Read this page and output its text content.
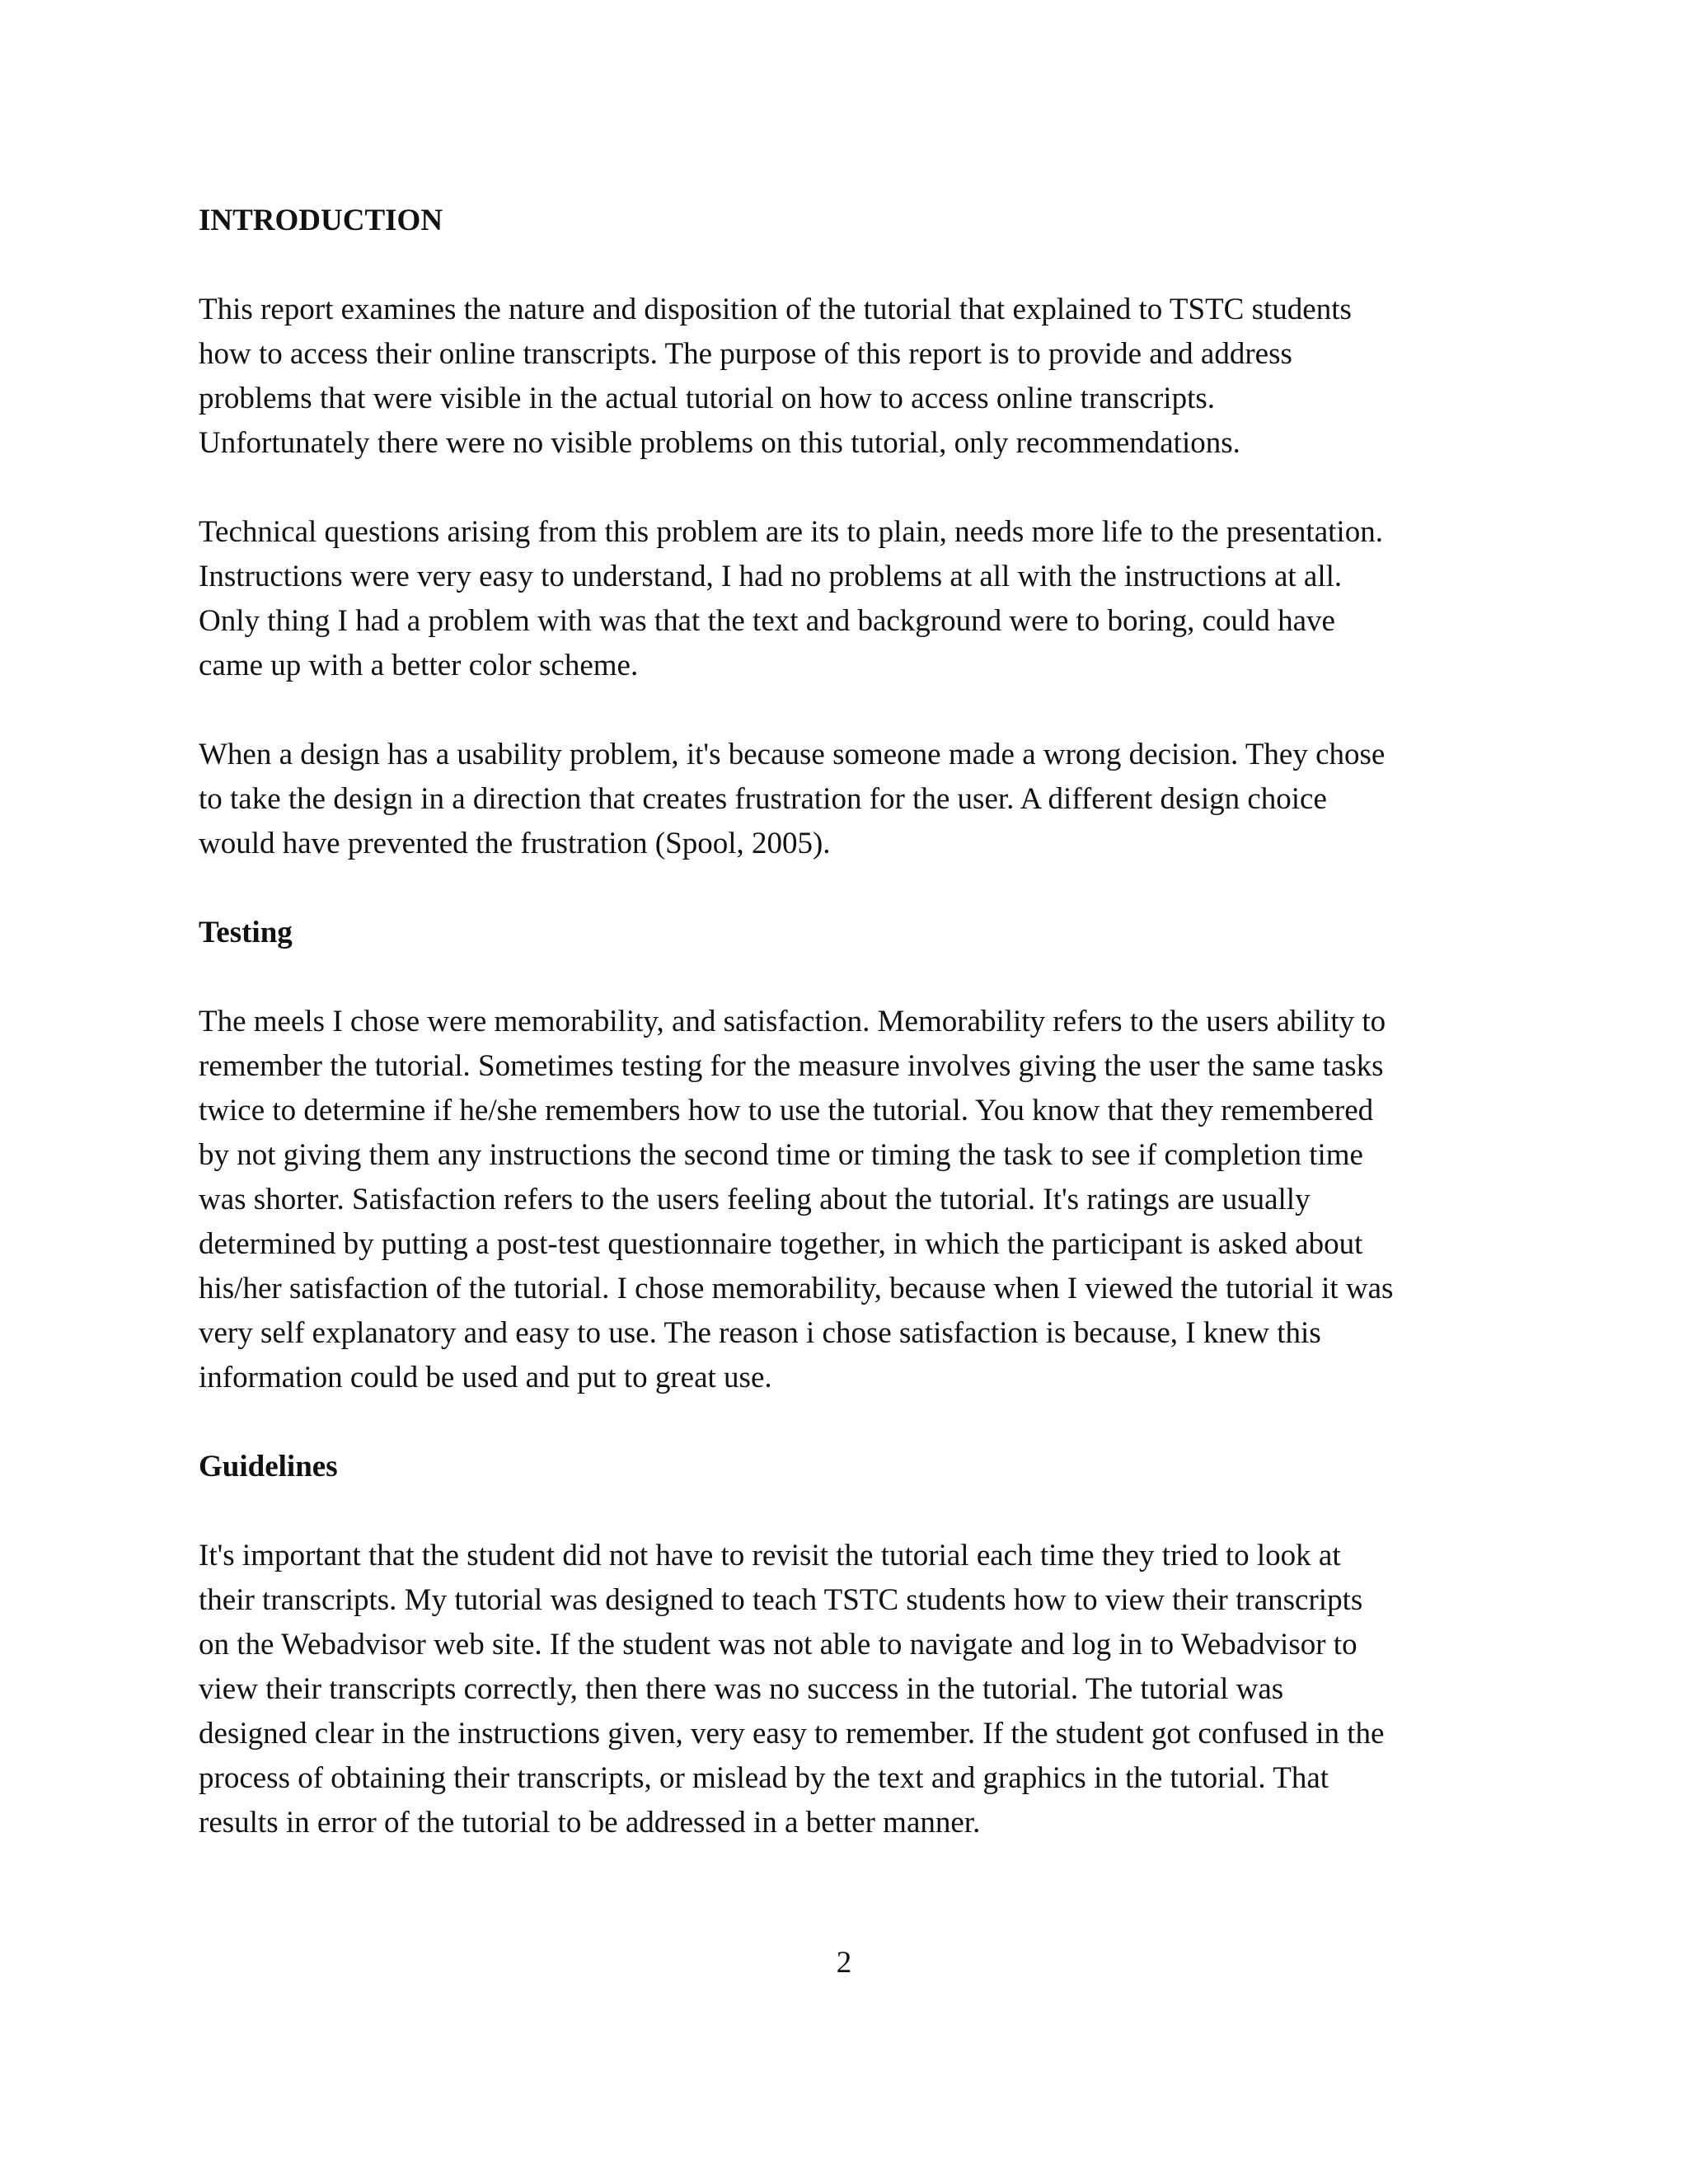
INTRODUCTION

This report examines the nature and disposition of the tutorial that explained to TSTC students
how to access their online transcripts. The purpose of this report is to provide and address
problems that were visible in the actual tutorial on how to access online transcripts.
Unfortunately there were no visible problems on this tutorial, only recommendations.

Technical questions arising from this problem are its to plain, needs more life to the presentation.
Instructions were very easy to understand, I had no problems at all with the instructions at all.
Only thing I had a problem with was that the text and background were to boring, could have
came up with a better color scheme.

When a design has a usability problem, it's because someone made a wrong decision. They chose
to take the design in a direction that creates frustration for the user. A different design choice
would have prevented the frustration (Spool, 2005).

Testing

The meels I chose were memorability, and satisfaction. Memorability refers to the users ability to
remember the tutorial. Sometimes testing for the measure involves giving the user the same tasks
twice to determine if he/she remembers how to use the tutorial. You know that they remembered
by not giving them any instructions the second time or timing the task to see if completion time
was shorter. Satisfaction refers to the users feeling about the tutorial. It's ratings are usually
determined by putting a post-test questionnaire together, in which the participant is asked about
his/her satisfaction of the tutorial. I chose memorability, because when I viewed the tutorial it was
very self explanatory and easy to use. The reason i chose satisfaction is because, I knew this
information could be used and put to great use.

Guidelines

It's important that the student did not have to revisit the tutorial each time they tried to look at
their transcripts. My tutorial was designed to teach TSTC students how to view their transcripts
on the Webadvisor web site. If the student was not able to navigate and log in to Webadvisor to
view their transcripts correctly, then there was no success in the tutorial. The tutorial was
designed clear in the instructions given, very easy to remember. If the student got confused in the
process of obtaining their transcripts, or mislead by the text and graphics in the tutorial. That
results in error of the tutorial to be addressed in a better manner.

2
